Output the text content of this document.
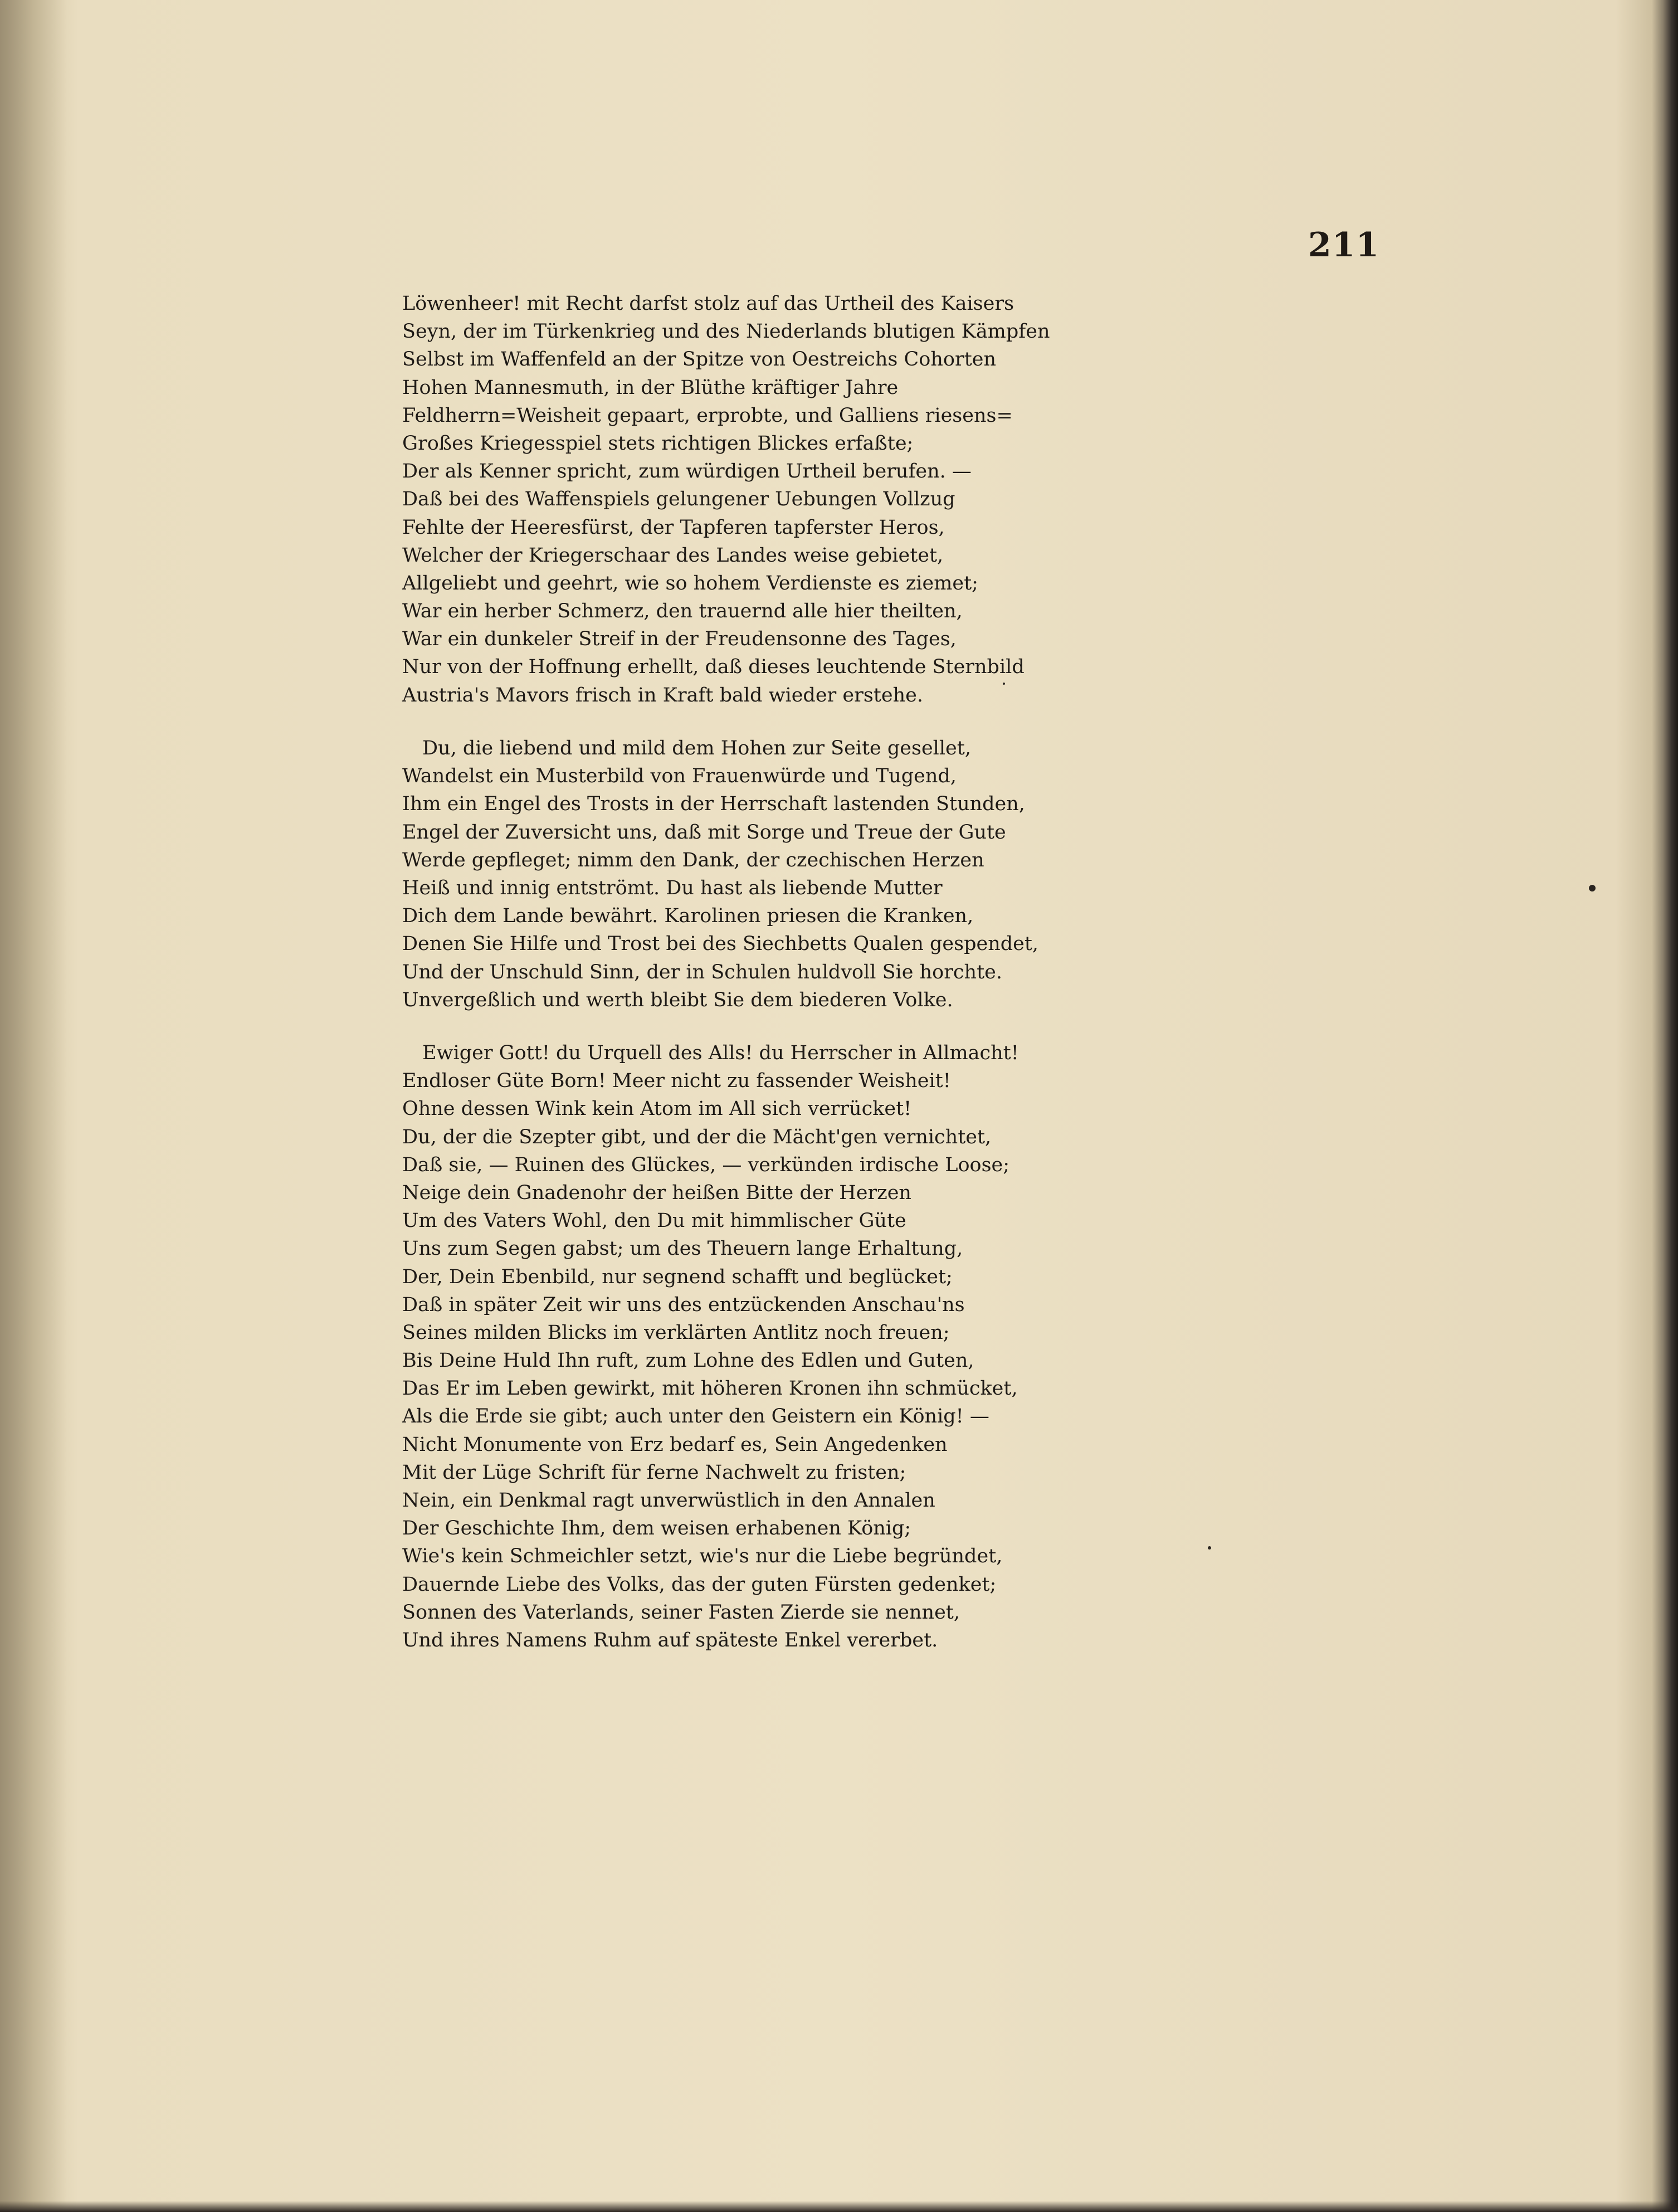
211
Löwenheer! mit Recht darfst stolz auf das Urtheil des Kaisers
Seyn, der im Türkenkrieg und des Niederlands blutigen Kämpfen
Selbst im Waffenfeld an der Spitze von Oestreichs Cohorten
Hohen Mannesmuth, in der Blüthe kräftiger Jahre
Feldherrn=Weisheit gepaart, erprobte, und Galliens riesens=
Großes Kriegesspiel stets richtigen Blickes erfaßte;
Der als Kenner spricht, zum würdigen Urtheil berufen. —
Daß bei des Waffenspiels gelungener Uebungen Vollzug
Fehlte der Heeresfürst, der Tapferen tapferster Heros,
Welcher der Kriegerschaar des Landes weise gebietet,
Allgeliebt und geehrt, wie so hohem Verdienste es ziemet;
War ein herber Schmerz, den trauernd alle hier theilten,
War ein dunkeler Streif in der Freudensonne des Tages,
Nur von der Hoffnung erhellt, daß dieses leuchtende Sternbild
Austria's Mavors frisch in Kraft bald wieder erstehe.
Du, die liebend und mild dem Hohen zur Seite gesellet,
Wandelst ein Musterbild von Frauenwürde und Tugend,
Ihm ein Engel des Trosts in der Herrschaft lastenden Stunden,
Engel der Zuversicht uns, daß mit Sorge und Treue der Gute
Werde gepfleget; nimm den Dank, der czechischen Herzen
Heiß und innig entströmt. Du hast als liebende Mutter
Dich dem Lande bewährt. Karolinen priesen die Kranken,
Denen Sie Hilfe und Trost bei des Siechbetts Qualen gespendet,
Und der Unschuld Sinn, der in Schulen huldvoll Sie horchte.
Unvergeßlich und werth bleibt Sie dem biederen Volke.
Ewiger Gott! du Urquell des Alls! du Herrscher in Allmacht!
Endloser Güte Born! Meer nicht zu fassender Weisheit!
Ohne dessen Wink kein Atom im All sich verrücket!
Du, der die Szepter gibt, und der die Mächt'gen vernichtet,
Daß sie, — Ruinen des Glückes, — verkünden irdische Loose;
Neige dein Gnadenohr der heißen Bitte der Herzen
Um des Vaters Wohl, den Du mit himmlischer Güte
Uns zum Segen gabst; um des Theuern lange Erhaltung,
Der, Dein Ebenbild, nur segnend schafft und beglücket;
Daß in später Zeit wir uns des entzückenden Anschau'ns
Seines milden Blicks im verklärten Antlitz noch freuen;
Bis Deine Huld Ihn ruft, zum Lohne des Edlen und Guten,
Das Er im Leben gewirkt, mit höheren Kronen ihn schmücket,
Als die Erde sie gibt; auch unter den Geistern ein König! —
Nicht Monumente von Erz bedarf es, Sein Angedenken
Mit der Lüge Schrift für ferne Nachwelt zu fristen;
Nein, ein Denkmal ragt unverwüstlich in den Annalen
Der Geschichte Ihm, dem weisen erhabenen König;
Wie's kein Schmeichler setzt, wie's nur die Liebe begründet,
Dauernde Liebe des Volks, das der guten Fürsten gedenket;
Sonnen des Vaterlands, seiner Fasten Zierde sie nennet,
Und ihres Namens Ruhm auf späteste Enkel vererbet.
